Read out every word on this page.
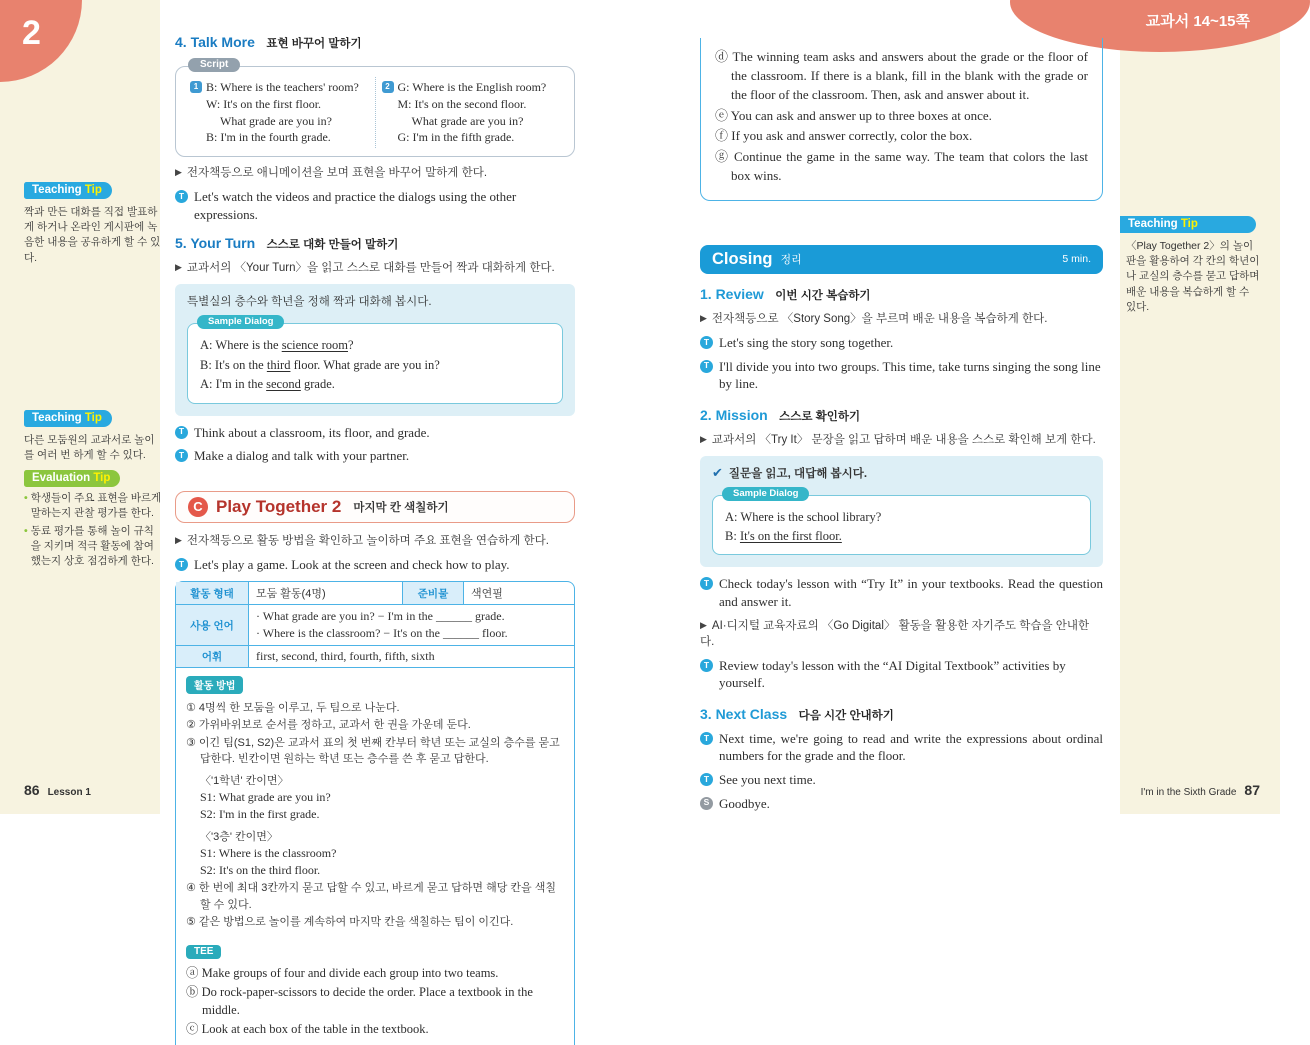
2	교과서 14~15쪽
Teaching Tip
짝과 만든 대화를 직접 발표하게 하거나 온라인 게시판에 녹음한 내용을 공유하게 할 수 있다.
Teaching Tip
다른 모둠원의 교과서로 놀이를 여러 번 하게 할 수 있다.
Evaluation Tip
• 학생들이 주요 표현을 바르게 말하는지 관찰 평가를 한다.
• 동료 평가를 통해 놀이 규칙을 지키며 적극 활동에 참여했는지 상호 점검하게 한다.
Teaching Tip
〈Play Together 2〉의 놀이 판을 활용하여 각 칸의 학년이나 교실의 층수를 묻고 답하며 배운 내용을 복습하게 할 수 있다.
4. Talk More 표현 바꾸어 말하기
Script
1 B: Where is the teachers' room?
W: It's on the first floor.
What grade are you in?
B: I'm in the fourth grade.
2 G: Where is the English room?
M: It's on the second floor.
What grade are you in?
G: I'm in the fifth grade.
▶ 전자책등으로 애니메이션을 보며 표현을 바꾸어 말하게 한다.
T Let's watch the videos and practice the dialogs using the other expressions.
5. Your Turn 스스로 대화 만들어 말하기
▶ 교과서의 〈Your Turn〉을 읽고 스스로 대화를 만들어 짝과 대화하게 한다.
특별실의 층수와 학년을 정해 짝과 대화해 봅시다.
Sample Dialog
A: Where is the science room?
B: It's on the third floor. What grade are you in?
A: I'm in the second grade.
T Think about a classroom, its floor, and grade.
T Make a dialog and talk with your partner.
C Play Together 2 마지막 칸 색칠하기
▶ 전자책등으로 활동 방법을 확인하고 놀이하며 주요 표현을 연습하게 한다.
T Let's play a game. Look at the screen and check how to play.
활동 형태	모둠 활동(4명)	준비물	색연필
사용 언어	· What grade are you in? − I'm in the ______ grade.
· Where is the classroom? − It's on the ______ floor.		

어휘	first, second, third, fourth, fifth, sixth		
활동 방법
① 4명씩 한 모둠을 이루고, 두 팀으로 나눈다.
② 가위바위보로 순서를 정하고, 교과서 한 권을 가운데 둔다.
③ 이긴 팀(S1, S2)은 교과서 표의 첫 번째 칸부터 학년 또는 교실의 층수를 묻고 답한다. 빈칸이면 원하는 학년 또는 층수를 쓴 후 묻고 답한다.
〈'1학년' 칸이면〉
S1: What grade are you in?
S2: I'm in the first grade.
〈'3층' 칸이면〉
S1: Where is the classroom?
S2: It's on the third floor.
④ 한 번에 최대 3칸까지 묻고 답할 수 있고, 바르게 묻고 답하면 해당 칸을 색칠할 수 있다.
⑤ 같은 방법으로 놀이를 계속하여 마지막 칸을 색칠하는 팀이 이긴다.
TEE
ⓐ Make groups of four and divide each group into two teams.
ⓑ Do rock-paper-scissors to decide the order. Place a textbook in the middle.
ⓒ Look at each box of the table in the textbook.
ⓓ The winning team asks and answers about the grade or the floor of the classroom. If there is a blank, fill in the blank with the grade or the floor of the classroom. Then, ask and answer about it.
ⓔ You can ask and answer up to three boxes at once.
ⓕ If you ask and answer correctly, color the box.
ⓖ Continue the game in the same way. The team that colors the last box wins.
Closing 정리	5 min.
1. Review 이번 시간 복습하기
▶ 전자책등으로 〈Story Song〉을 부르며 배운 내용을 복습하게 한다.
T Let's sing the story song together.
T I'll divide you into two groups. This time, take turns singing the song line by line.
2. Mission 스스로 확인하기
▶ 교과서의 〈Try It〉 문장을 읽고 답하며 배운 내용을 스스로 확인해 보게 한다.
✔ 질문을 읽고, 대답해 봅시다.
Sample Dialog
A: Where is the school library?
B: It's on the first floor.
T Check today's lesson with “Try It” in your textbooks. Read the question and answer it.
▶ AI·디지털 교육자료의 〈Go Digital〉 활동을 활용한 자기주도 학습을 안내한다.
T Review today's lesson with the “AI Digital Textbook” activities by yourself.
3. Next Class 다음 시간 안내하기
T Next time, we're going to read and write the expressions about ordinal numbers for the grade and the floor.
T See you next time.
S Goodbye.
86 Lesson 1	I'm in the Sixth Grade 87
